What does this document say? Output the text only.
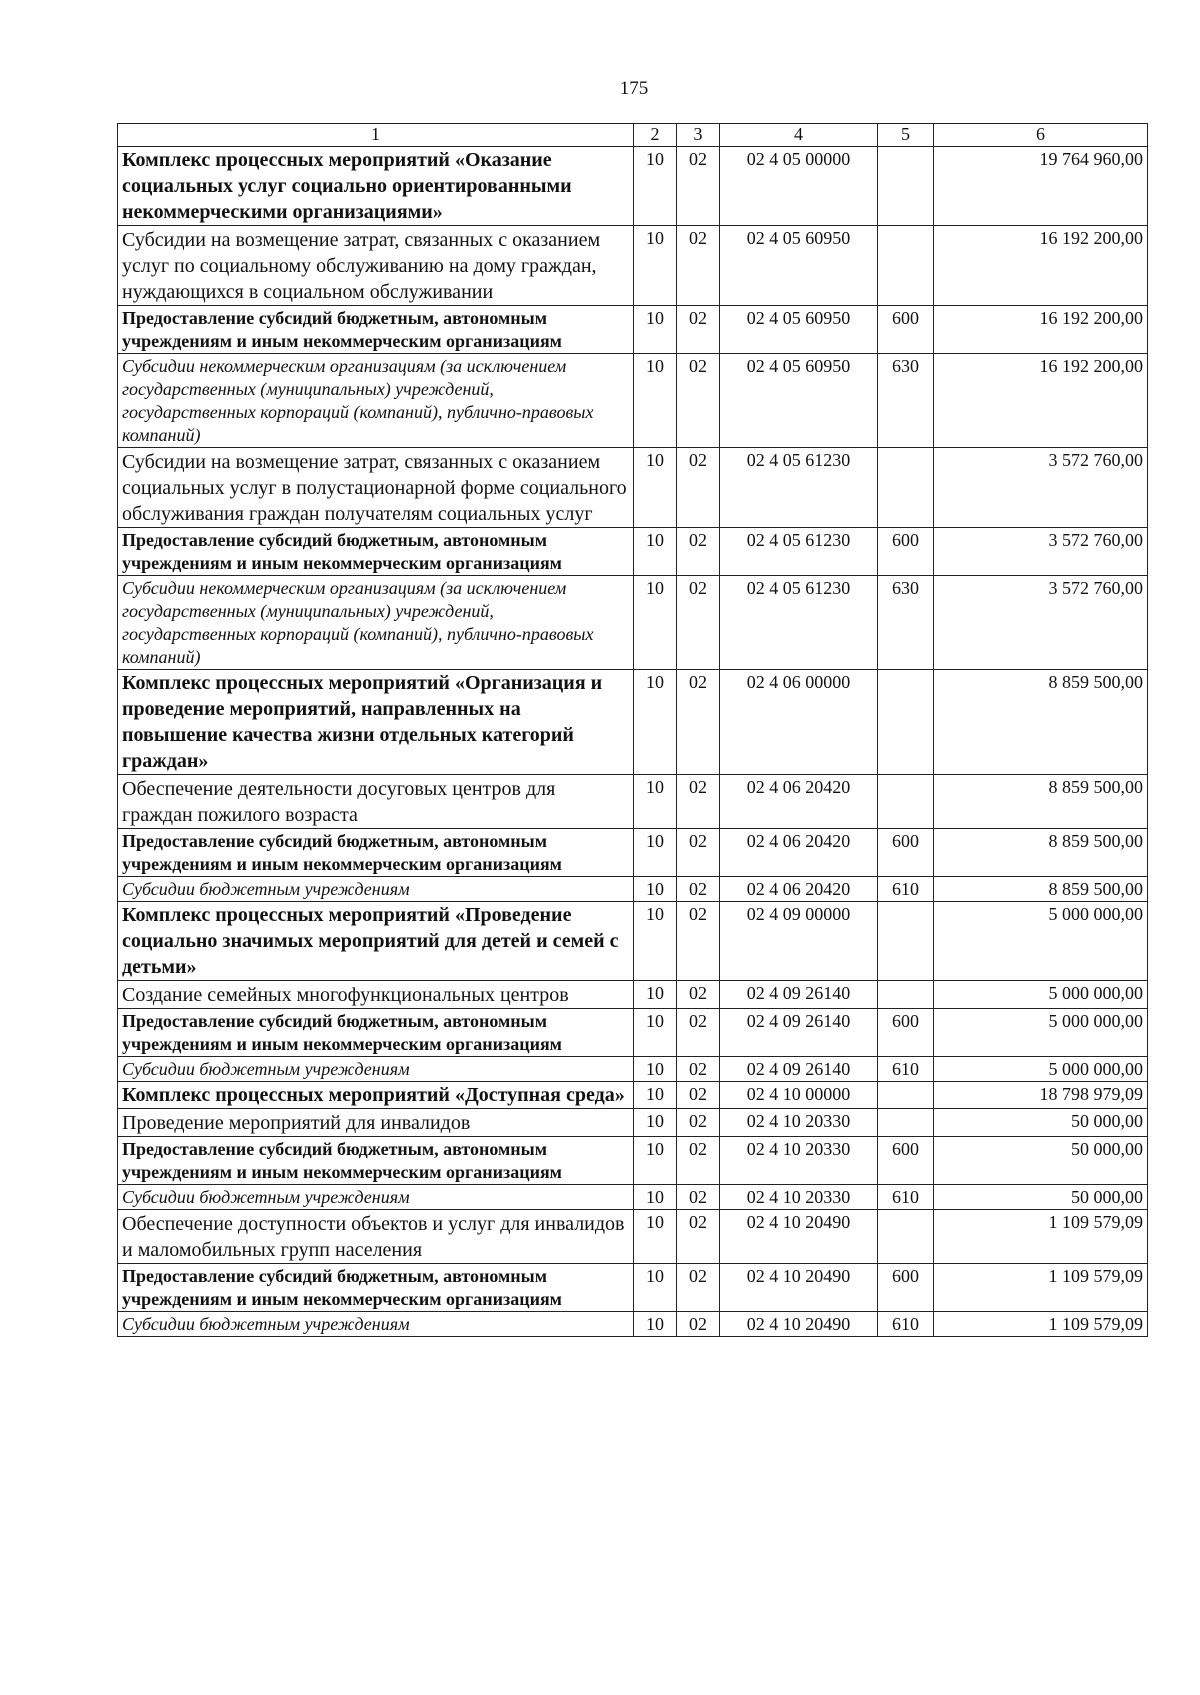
175
1	2	3	4	5	6
Комплекс процессных мероприятий «Оказание социальных услуг социально ориентированными некоммерческими организациями»	10	02	02 4 05 00000		19 764 960,00
Субсидии на возмещение затрат, связанных с оказанием услуг по социальному обслуживанию на дому граждан, нуждающихся в социальном обслуживании	10	02	02 4 05 60950		16 192 200,00
Предоставление субсидий бюджетным, автономным учреждениям и иным некоммерческим организациям	10	02	02 4 05 60950	600	16 192 200,00
Субсидии некоммерческим организациям (за исключением государственных (муниципальных) учреждений, государственных корпораций (компаний), публично-правовых компаний)	10	02	02 4 05 60950	630	16 192 200,00
Субсидии на возмещение затрат, связанных с оказанием социальных услуг в полустационарной форме социального обслуживания граждан получателям социальных услуг	10	02	02 4 05 61230		3 572 760,00
Предоставление субсидий бюджетным, автономным учреждениям и иным некоммерческим организациям	10	02	02 4 05 61230	600	3 572 760,00
Субсидии некоммерческим организациям (за исключением государственных (муниципальных) учреждений, государственных корпораций (компаний), публично-правовых компаний)	10	02	02 4 05 61230	630	3 572 760,00
Комплекс процессных мероприятий «Организация и проведение мероприятий, направленных на повышение качества жизни отдельных категорий граждан»	10	02	02 4 06 00000		8 859 500,00
Обеспечение деятельности досуговых центров для граждан пожилого возраста	10	02	02 4 06 20420		8 859 500,00
Предоставление субсидий бюджетным, автономным учреждениям и иным некоммерческим организациям	10	02	02 4 06 20420	600	8 859 500,00
Субсидии бюджетным учреждениям	10	02	02 4 06 20420	610	8 859 500,00
Комплекс процессных мероприятий «Проведение социально значимых мероприятий для детей и семей с детьми»	10	02	02 4 09 00000		5 000 000,00
Создание семейных многофункциональных центров	10	02	02 4 09 26140		5 000 000,00
Предоставление субсидий бюджетным, автономным учреждениям и иным некоммерческим организациям	10	02	02 4 09 26140	600	5 000 000,00
Субсидии бюджетным учреждениям	10	02	02 4 09 26140	610	5 000 000,00
Комплекс процессных мероприятий «Доступная среда»	10	02	02 4 10 00000		18 798 979,09
Проведение мероприятий для инвалидов	10	02	02 4 10 20330		50 000,00
Предоставление субсидий бюджетным, автономным учреждениям и иным некоммерческим организациям	10	02	02 4 10 20330	600	50 000,00
Субсидии бюджетным учреждениям	10	02	02 4 10 20330	610	50 000,00
Обеспечение доступности объектов и услуг для инвалидов и маломобильных групп населения	10	02	02 4 10 20490		1 109 579,09
Предоставление субсидий бюджетным, автономным учреждениям и иным некоммерческим организациям	10	02	02 4 10 20490	600	1 109 579,09
Субсидии бюджетным учреждениям	10	02	02 4 10 20490	610	1 109 579,09
